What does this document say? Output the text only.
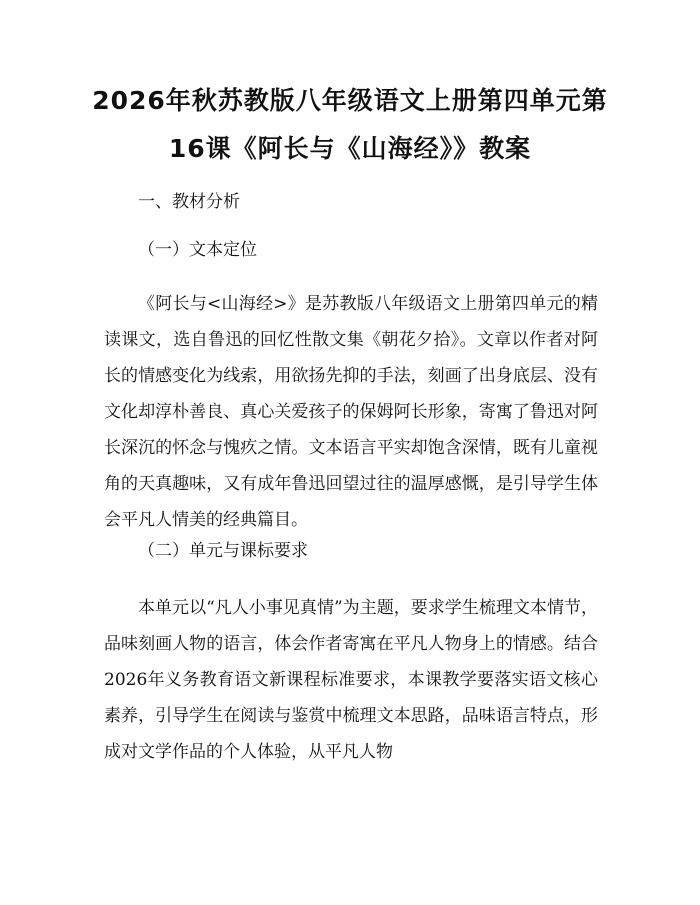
2026年秋苏教版八年级语文上册第四单元第
16课《阿长与《山海经》》教案
一、教材分析
（一）文本定位
《阿长与<山海经>》是苏教版八年级语文上册第四单元的精读课文，选自鲁迅的回忆性散文集《朝花夕拾》。文章以作者对阿长的情感变化为线索，用欲扬先抑的手法，刻画了出身底层、没有文化却淳朴善良、真心关爱孩子的保姆阿长形象，寄寓了鲁迅对阿长深沉的怀念与愧疚之情。文本语言平实却饱含深情，既有儿童视角的天真趣味，又有成年鲁迅回望过往的温厚感慨，是引导学生体会平凡人情美的经典篇目。
（二）单元与课标要求
本单元以“凡人小事见真情”为主题，要求学生梳理文本情节，品味刻画人物的语言，体会作者寄寓在平凡人物身上的情感。结合2026年义务教育语文新课程标准要求，本课教学要落实语文核心素养，引导学生在阅读与鉴赏中梳理文本思路，品味语言特点，形成对文学作品的个人体验，从平凡人物
